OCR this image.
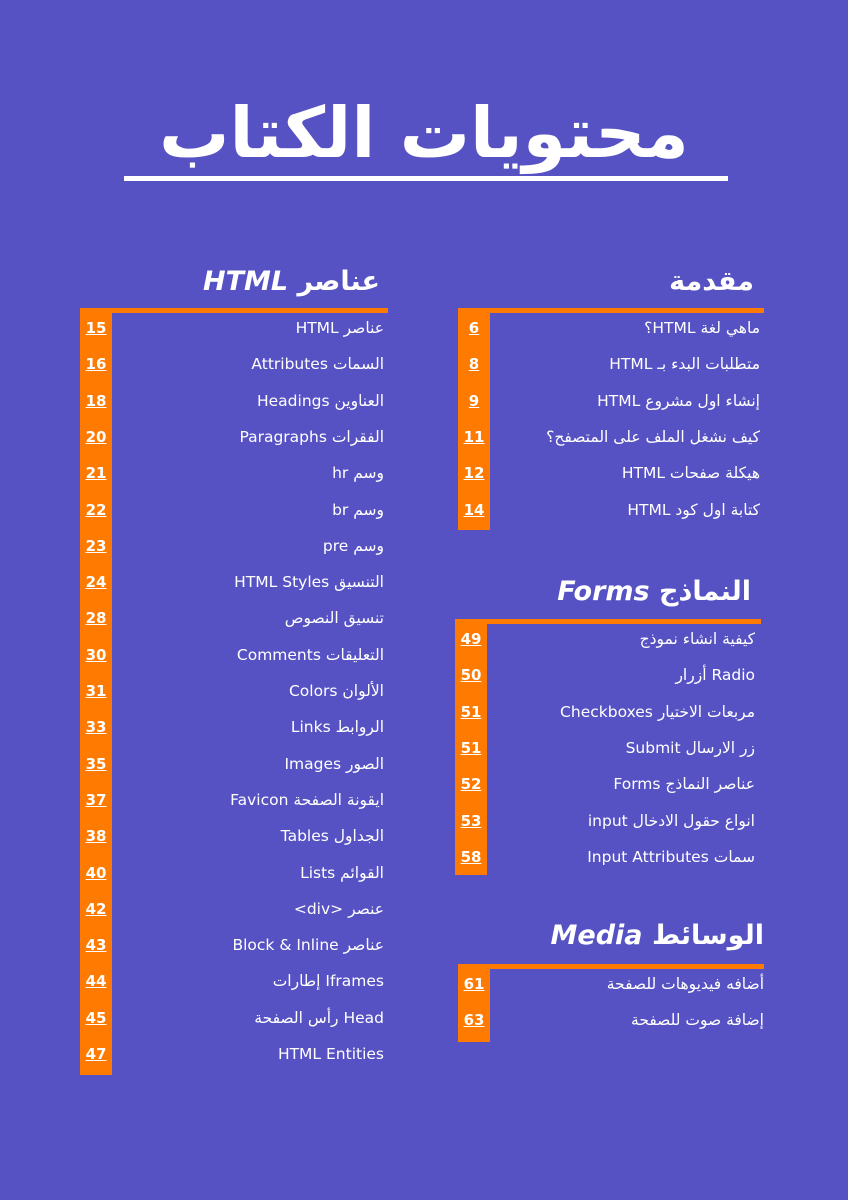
محتويات الكتاب
مقدمة
6	ماهي لغة HTML؟
8	متطلبات البدء بـ HTML
9	إنشاء اول مشروع HTML
11	كيف نشغل الملف على المتصفح؟
12	هيكلة صفحات HTML
14	كتابة اول كود HTML
النماذج Forms
49	كيفية انشاء نموذج
50	Radio أزرار
51	مربعات الاختيار Checkboxes
51	زر الارسال Submit
52	عناصر النماذج Forms
53	انواع حقول الادخال input
58	سمات Input Attributes
الوسائط Media
61	أضافه فيديوهات للصفحة
63	إضافة صوت للصفحة
عناصر HTML
15	عناصر HTML
16	السمات Attributes
18	العناوين Headings
20	الفقرات Paragraphs
21	وسم hr
22	وسم br
23	وسم pre
24	التنسيق HTML Styles
28	تنسيق النصوص
30	التعليقات Comments
31	الألوان Colors
33	الروابط Links
35	الصور Images
37	ايقونة الصفحة Favicon
38	الجداول Tables
40	القوائم Lists
42	عنصر <div>
43	عناصر Block & Inline
44	Iframes إطارات
45	Head رأس الصفحة
47	HTML Entities
